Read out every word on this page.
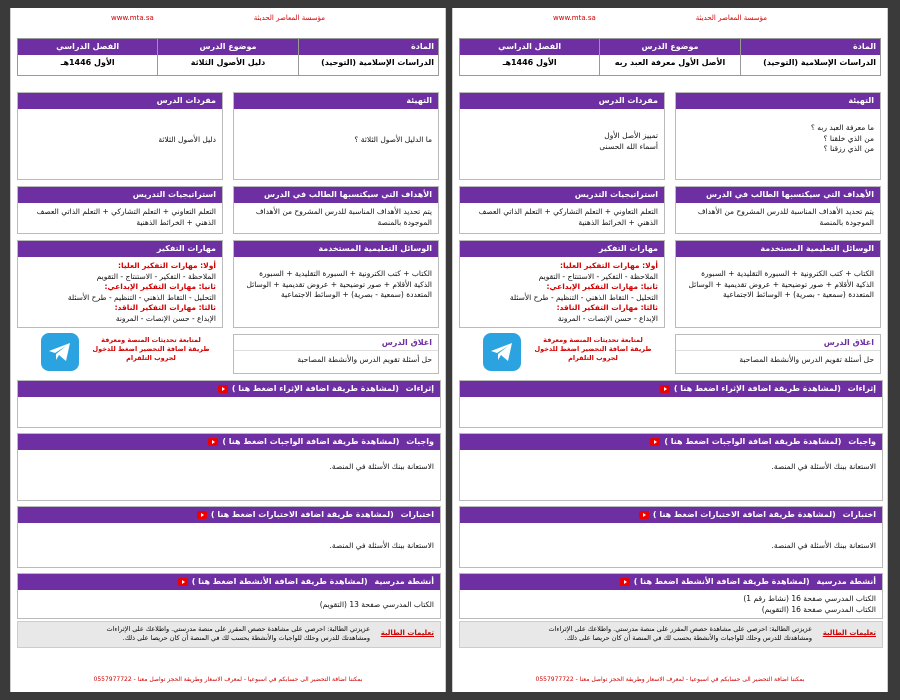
مؤسسة المعاصر الحديثة
www.mta.sa
المادة
موضوع الدرس
الفصل الدراسي
الدراسات الإسلامية (التوحيد)
الأصل الأول معرفة العبد ربه
الأول 1446هـ
التهيئة
ما معرفة العبد ربه ؟
من الذي خلقنا ؟
من الذي رزقنا ؟
مفردات الدرس
تمييز الأصل الأول
أسماء الله الحسنى
الأهداف التي سيكتسبها الطالب في الدرس
يتم تحديد الأهداف المناسبة للدرس المشروح من الأهداف الموجودة بالمنصة
استراتيجيات التدريس
التعلم التعاوني + التعلم التشاركي + التعلم الذاتي العصف الذهني + الخرائط الذهنية
الوسائل التعليمية المستخدمة
الكتاب + كتب الكترونية + السبورة التقليدية + السبورة الذكية الأقلام + صور توضيحية + عروض تقديمية + الوسائل المتعددة (سمعية - بصرية) + الوسائط الاجتماعية
مهارات التفكير
أولا: مهارات التفكير العليا:
الملاحظة - التفكير - الاستنتاج - التقويم
ثانيا: مهارات التفكير الإبداعي:
التحليل - التقاط الذهني - التنظيم - طرح الأسئلة
ثالثا: مهارات التفكير الناقد:
الإبداع - حسن الإنصات - المرونة
اغلاق الدرس
حل أسئلة تقويم الدرس والأنشطة المصاحبة
لمتابعة تحديثات المنصة ومعرفة طريقة اضافة التحضير اضغط للدخول لجروب التلقرام
إثراءات (لمشاهدة طريقة اضافة الإثراء اضغط هنا )
واجبات (لمشاهدة طريقة اضافة الواجبات اضغط هنا )
الاستعانة ببنك الأسئلة في المنصة.
اختبارات (لمشاهدة طريقة اضافة الاختبارات اضغط هنا )
الاستعانة ببنك الأسئلة في المنصة.
أنشطة مدرسية (لمشاهدة طريقة اضافة الأنشطة اضغط هنا )
الكتاب المدرسي صفحة 16 (نشاط رقم 1)
الكتاب المدرسي صفحة 16 (التقويم)
تعليمات الطالبة
عزيزتي الطالبة: احرصي على مشاهدة حصص المقرر على منصة مدرستي. واطلاعك على الإثراءات ومشاهدتك للدرس وحلك للواجبات والأنشطة بحسب لك في المنصة أن كان حريصا على ذلك.
بمكننا اضافة التحضير الى حسابكم في اسبوعيا - لمعرف الاسعار وطريقة الحجز تواصل معنا - 0557977722
مؤسسة المعاصر الحديثة
www.mta.sa
المادة
موضوع الدرس
الفصل الدراسي
الدراسات الإسلامية (التوحيد)
دليل الأصول الثلاثة
الأول 1446هـ
التهيئة
ما الدليل الأصول الثلاثة ؟
مفردات الدرس
دليل الأصول الثلاثة
الأهداف التي سيكتسبها الطالب في الدرس
يتم تحديد الأهداف المناسبة للدرس المشروح من الأهداف الموجودة بالمنصة
استراتيجيات التدريس
التعلم التعاوني + التعلم التشاركي + التعلم الذاتي العصف الذهني + الخرائط الذهنية
الوسائل التعليمية المستخدمة
الكتاب + كتب الكترونية + السبورة التقليدية + السبورة الذكية الأقلام + صور توضيحية + عروض تقديمية + الوسائل المتعددة (سمعية - بصرية) + الوسائط الاجتماعية
مهارات التفكير
أولا: مهارات التفكير العليا:
الملاحظة - التفكير - الاستنتاج - التقويم
ثانيا: مهارات التفكير الإبداعي:
التحليل - التقاط الذهني - التنظيم - طرح الأسئلة
ثالثا: مهارات التفكير الناقد:
الإبداع - حسن الإنصات - المرونة
اغلاق الدرس
حل أسئلة تقويم الدرس والأنشطة المصاحبة
لمتابعة تحديثات المنصة ومعرفة طريقة اضافة التحضير اضغط للدخول لجروب التلقرام
إثراءات (لمشاهدة طريقة اضافة الإثراء اضغط هنا )
واجبات (لمشاهدة طريقة اضافة الواجبات اضغط هنا )
الاستعانة ببنك الأسئلة في المنصة.
اختبارات (لمشاهدة طريقة اضافة الاختبارات اضغط هنا )
الاستعانة ببنك الأسئلة في المنصة.
أنشطة مدرسية (لمشاهدة طريقة اضافة الأنشطة اضغط هنا )
الكتاب المدرسي صفحة 13 (التقويم)
تعليمات الطالبة
عزيزتي الطالبة: احرصي على مشاهدة حصص المقرر على منصة مدرستي. واطلاعك على الإثراءات ومشاهدتك للدرس وحلك للواجبات والأنشطة بحسب لك في المنصة أن كان حريصا على ذلك.
بمكننا اضافة التحضير الى حسابكم في اسبوعيا - لمعرف الاسعار وطريقة الحجز تواصل معنا - 0557977722
